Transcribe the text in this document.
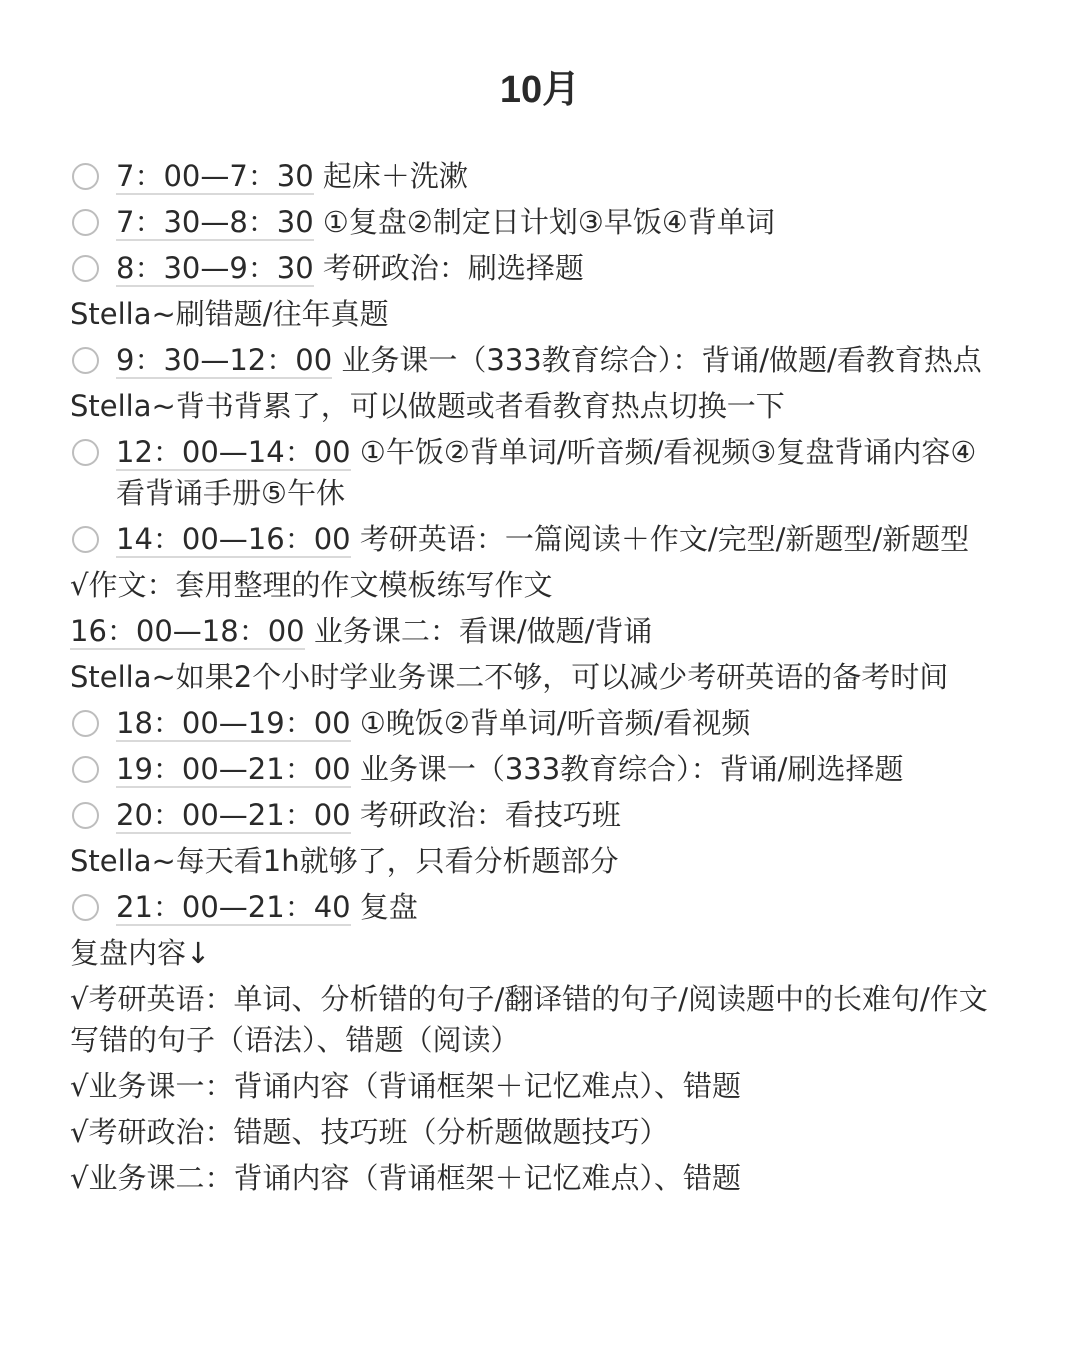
10月
7：00—7：30 起床＋洗漱
7：30—8：30 ①复盘②制定日计划③早饭④背单词
8：30—9：30 考研政治：刷选择题
Stella~刷错题/往年真题
9：30—12：00 业务课一（333教育综合）：背诵/做题/看教育热点
Stella~背书背累了，可以做题或者看教育热点切换一下
12：00—14：00 ①午饭②背单词/听音频/看视频③复盘背诵内容④看背诵手册⑤午休
14：00—16：00 考研英语：一篇阅读＋作文/完型/新题型/新题型
√作文：套用整理的作文模板练写作文
16：00—18：00 业务课二：看课/做题/背诵
Stella~如果2个小时学业务课二不够，可以减少考研英语的备考时间
18：00—19：00 ①晚饭②背单词/听音频/看视频
19：00—21：00 业务课一（333教育综合）：背诵/刷选择题
20：00—21：00 考研政治：看技巧班
Stella~每天看1h就够了，只看分析题部分
21：00—21：40 复盘
复盘内容↓
√考研英语：单词、分析错的句子/翻译错的句子/阅读题中的长难句/作文写错的句子（语法）、错题（阅读）
√业务课一：背诵内容（背诵框架＋记忆难点）、错题
√考研政治：错题、技巧班（分析题做题技巧）
√业务课二：背诵内容（背诵框架＋记忆难点）、错题
